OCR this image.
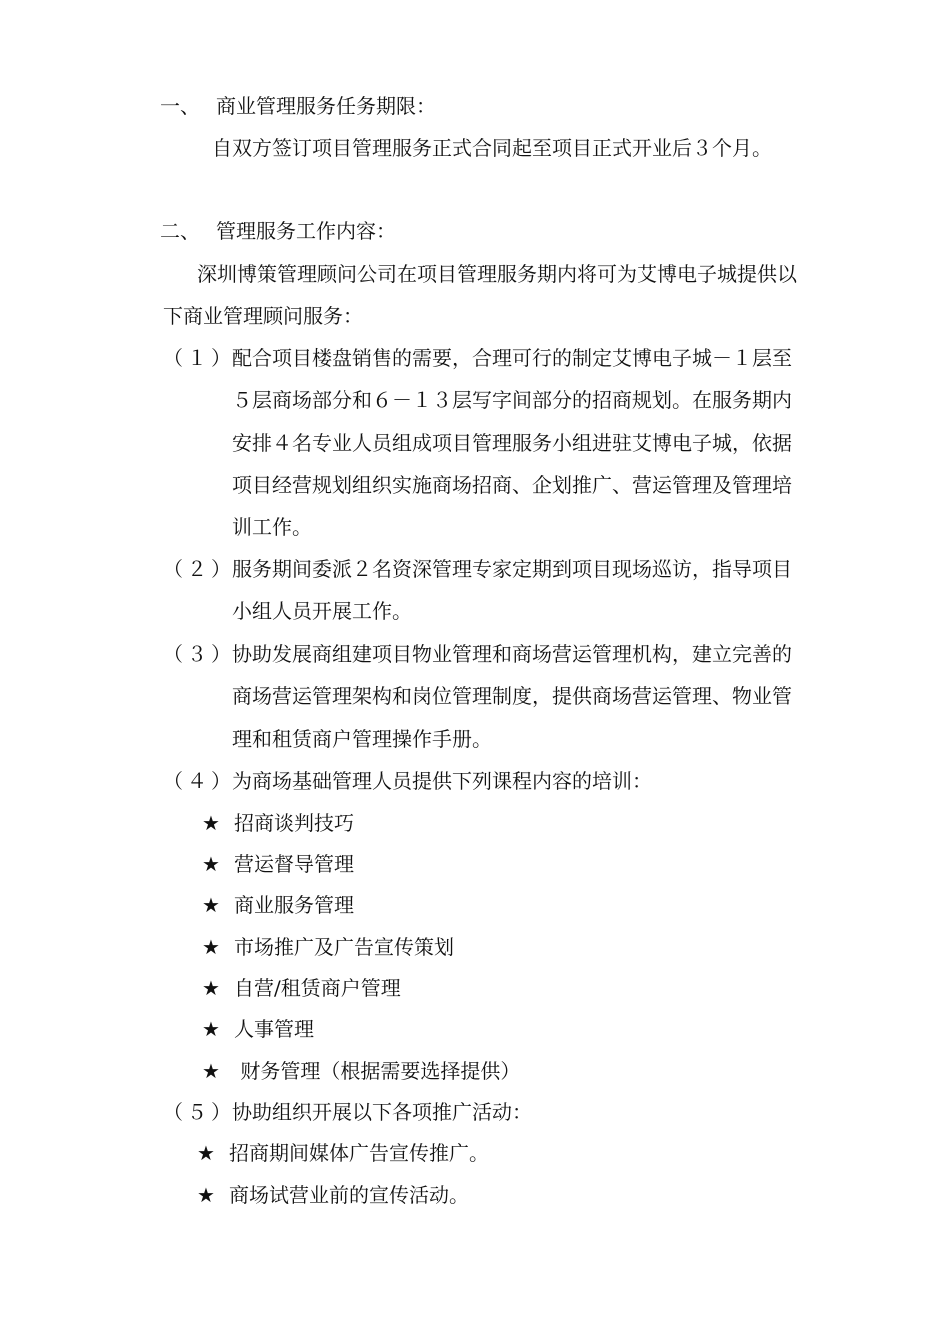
一、 商业管理服务任务期限：
自双方签订项目管理服务正式合同起至项目正式开业后３个月。
二、 管理服务工作内容：
深圳博策管理顾问公司在项目管理服务期内将可为艾博电子城提供以
下商业管理顾问服务：
（１）
配合项目楼盘销售的需要，合理可行的制定艾博电子城－１层至
５层商场部分和６－１３层写字间部分的招商规划。在服务期内
安排４名专业人员组成项目管理服务小组进驻艾博电子城，依据
项目经营规划组织实施商场招商、企划推广、营运管理及管理培
训工作。
（２）
服务期间委派２名资深管理专家定期到项目现场巡访，指导项目
小组人员开展工作。
（３）
协助发展商组建项目物业管理和商场营运管理机构，建立完善的
商场营运管理架构和岗位管理制度，提供商场营运管理、物业管
理和租赁商户管理操作手册。
（４）
为商场基础管理人员提供下列课程内容的培训：
★ 招商谈判技巧
★ 营运督导管理
★ 商业服务管理
★ 市场推广及广告宣传策划
★ 自营/租赁商户管理
★ 人事管理
★ 财务管理（根据需要选择提供）
（５）
协助组织开展以下各项推广活动：
★ 招商期间媒体广告宣传推广。
★ 商场试营业前的宣传活动。
